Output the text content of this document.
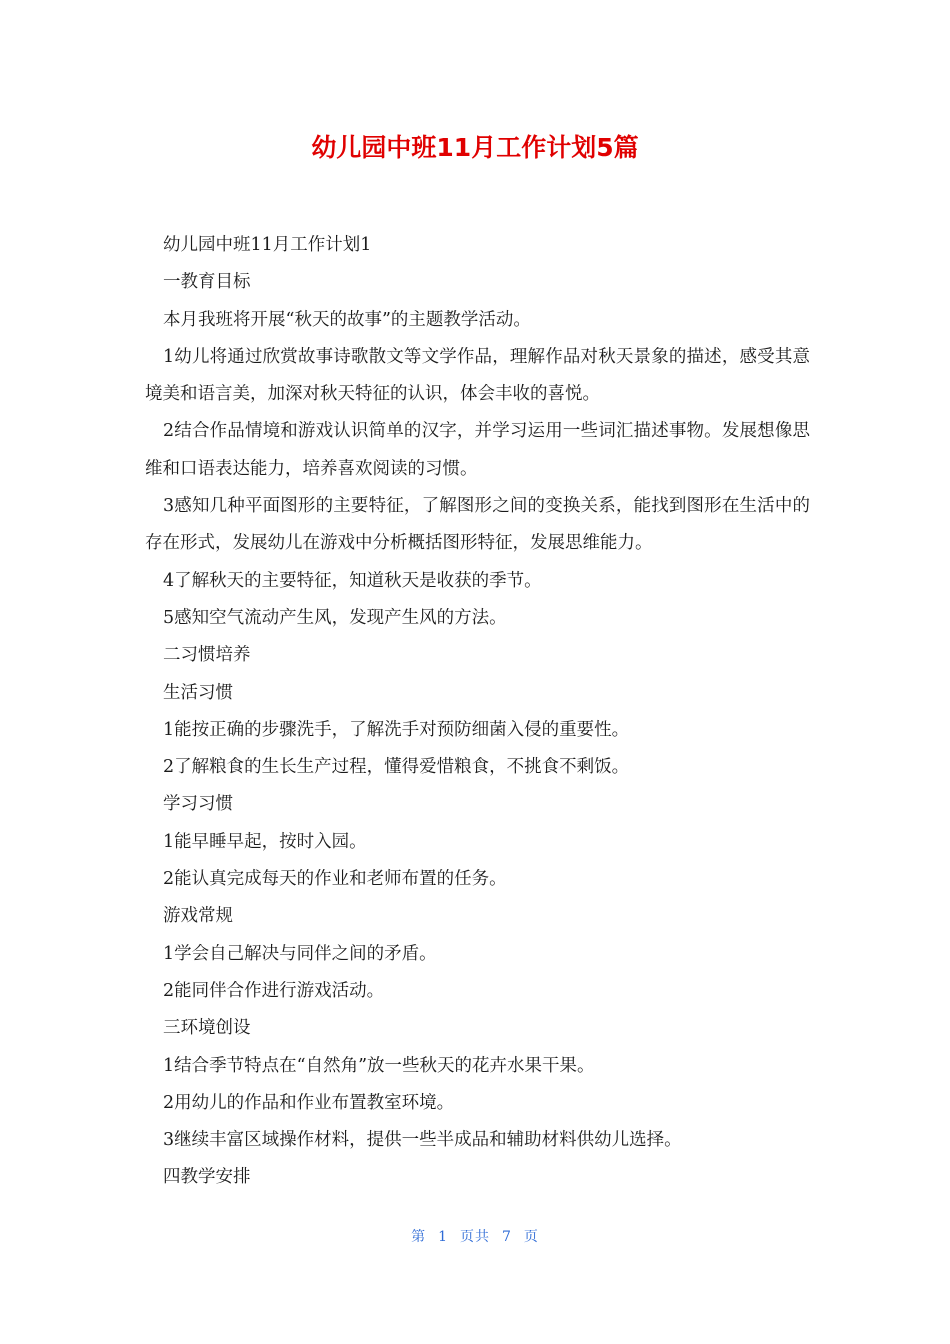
幼儿园中班11月工作计划5篇

幼儿园中班11月工作计划1

一教育目标

本月我班将开展“秋天的故事”的主题教学活动。

1幼儿将通过欣赏故事诗歌散文等文学作品，理解作品对秋天景象的描述，感受其意境美和语言美，加深对秋天特征的认识，体会丰收的喜悦。

2结合作品情境和游戏认识简单的汉字，并学习运用一些词汇描述事物。发展想像思维和口语表达能力，培养喜欢阅读的习惯。

3感知几种平面图形的主要特征，了解图形之间的变换关系，能找到图形在生活中的存在形式，发展幼儿在游戏中分析概括图形特征，发展思维能力。

4了解秋天的主要特征，知道秋天是收获的季节。

5感知空气流动产生风，发现产生风的方法。

二习惯培养

生活习惯

1能按正确的步骤洗手，了解洗手对预防细菌入侵的重要性。

2了解粮食的生长生产过程，懂得爱惜粮食，不挑食不剩饭。

学习习惯

1能早睡早起，按时入园。

2能认真完成每天的作业和老师布置的任务。

游戏常规

1学会自己解决与同伴之间的矛盾。

2能同伴合作进行游戏活动。

三环境创设

1结合季节特点在“自然角”放一些秋天的花卉水果干果。

2用幼儿的作品和作业布置教室环境。

3继续丰富区域操作材料，提供一些半成品和辅助材料供幼儿选择。

四教学安排

第 1 页共 7 页
